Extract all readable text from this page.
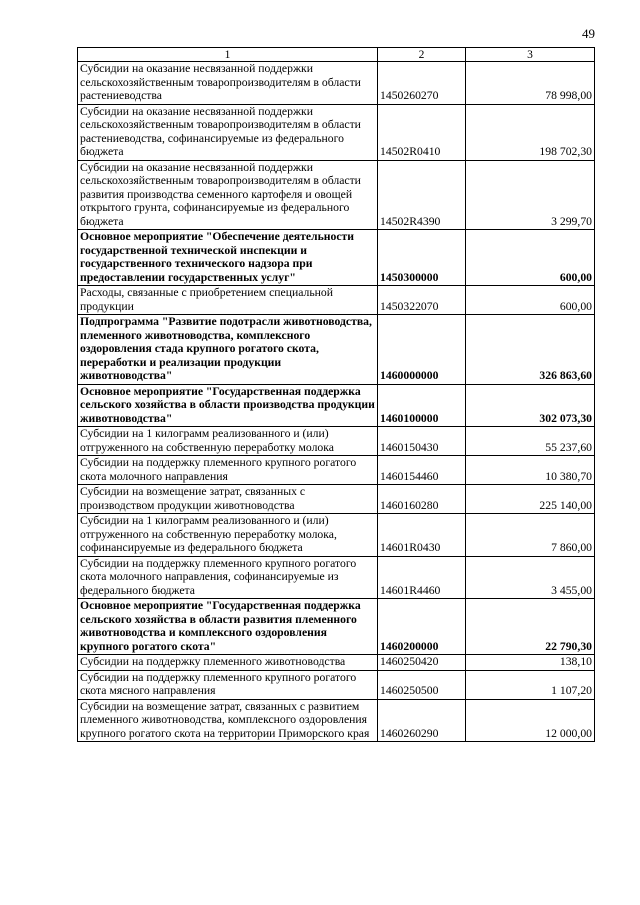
49
1	2	3
Субсидии на оказание несвязанной поддержки сельскохозяйственным товаропроизводителям в области растениеводства	1450260270	78 998,00
Субсидии на оказание несвязанной поддержки сельскохозяйственным товаропроизводителям в области растениеводства, софинансируемые из федерального бюджета	14502R0410	198 702,30
Субсидии на оказание несвязанной поддержки сельскохозяйственным товаропроизводителям в области развития производства семенного картофеля и овощей открытого грунта, софинансируемые из федерального бюджета	14502R4390	3 299,70
Основное мероприятие "Обеспечение деятельности государственной технической инспекции и государственного технического надзора при предоставлении государственных услуг"	1450300000	600,00
Расходы, связанные с приобретением специальной продукции	1450322070	600,00
Подпрограмма "Развитие подотрасли животноводства, племенного животноводства, комплексного оздоровления стада крупного рогатого скота, переработки и реализации продукции животноводства"	1460000000	326 863,60
Основное мероприятие "Государственная поддержка сельского хозяйства в области производства продукции животноводства"	1460100000	302 073,30
Субсидии на 1 килограмм реализованного и (или) отгруженного на собственную переработку молока	1460150430	55 237,60
Субсидии на поддержку племенного крупного рогатого скота молочного направления	1460154460	10 380,70
Субсидии на возмещение затрат, связанных с производством продукции животноводства	1460160280	225 140,00
Субсидии на 1 килограмм реализованного и (или) отгруженного на собственную переработку молока, софинансируемые из федерального бюджета	14601R0430	7 860,00
Субсидии на поддержку племенного крупного рогатого скота молочного направления, софинансируемые из федерального бюджета	14601R4460	3 455,00
Основное мероприятие "Государственная поддержка сельского хозяйства в области развития племенного животноводства и комплексного оздоровления крупного рогатого скота"	1460200000	22 790,30
Субсидии на поддержку племенного животноводства	1460250420	138,10
Субсидии на поддержку племенного крупного рогатого скота мясного направления	1460250500	1 107,20
Субсидии на возмещение затрат, связанных с развитием племенного животноводства, комплексного оздоровления крупного рогатого скота на территории Приморского края	1460260290	12 000,00
